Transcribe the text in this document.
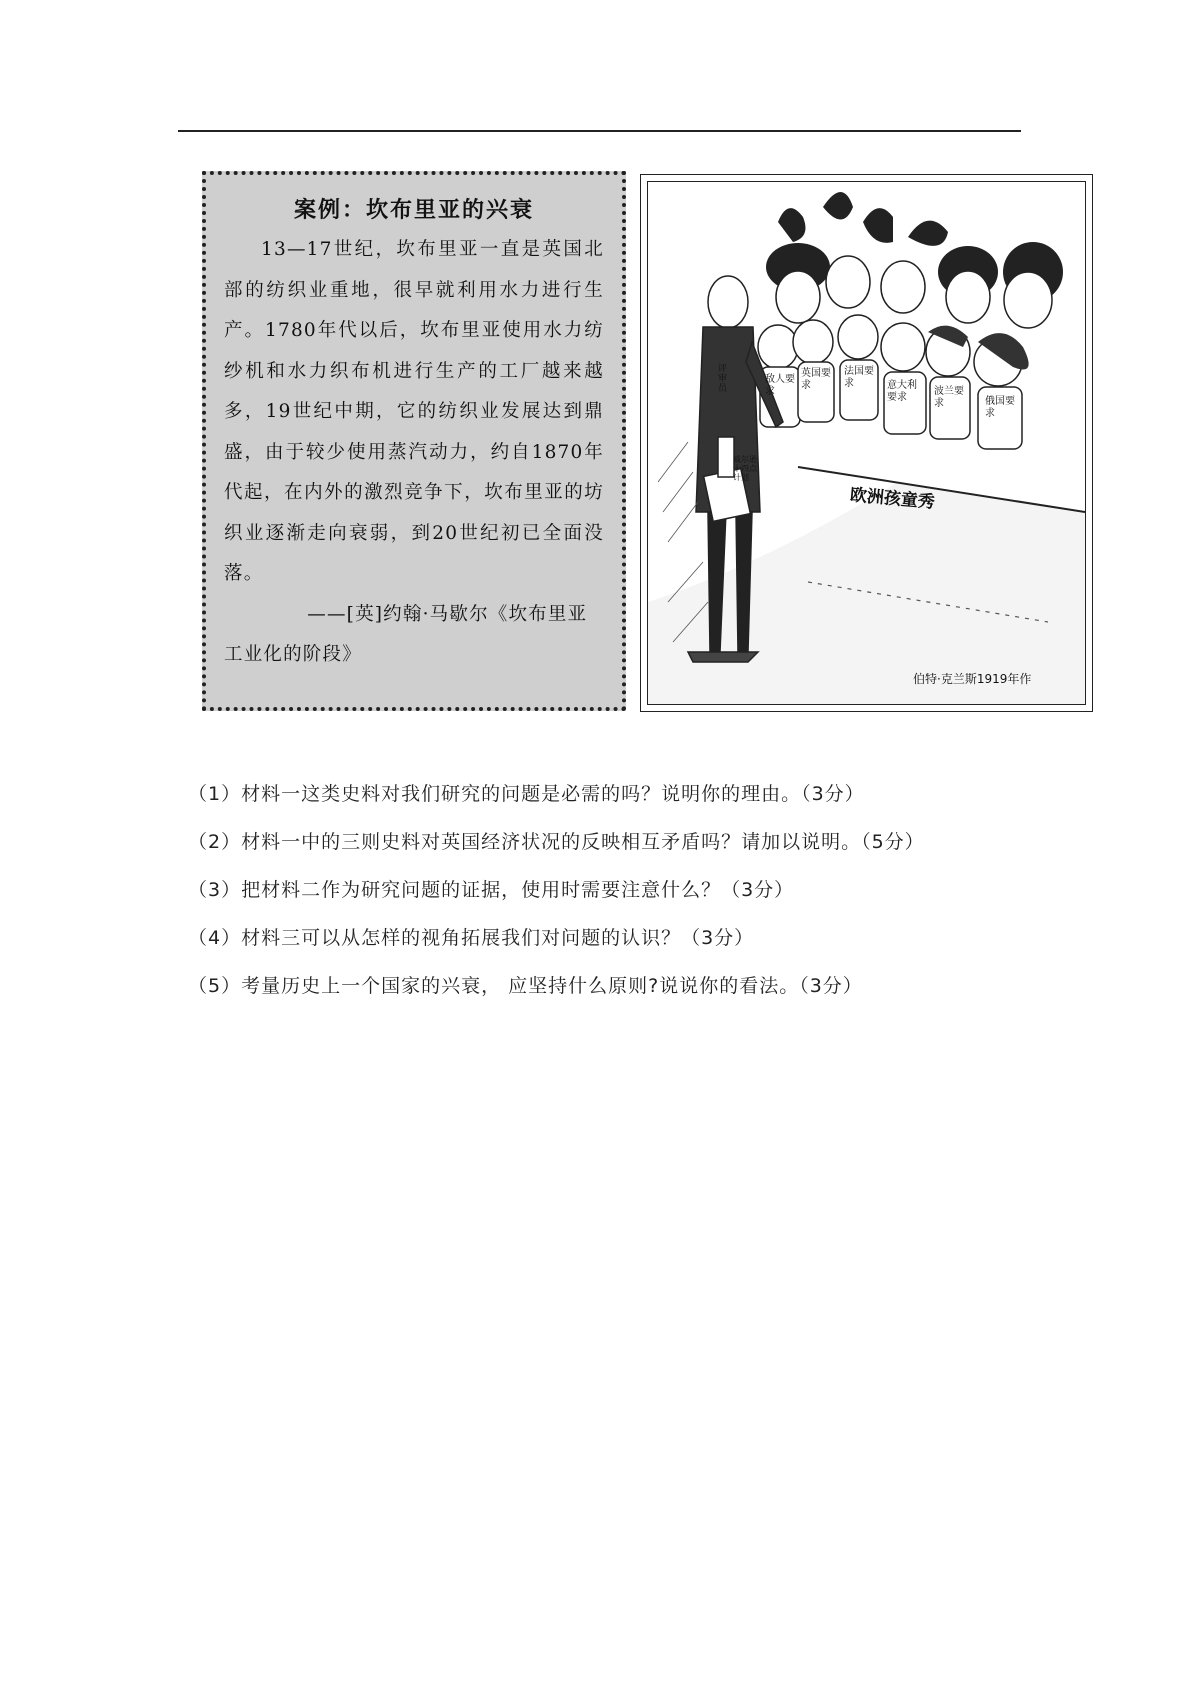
案例：坎布里亚的兴衰

13—17世纪，坎布里亚一直是英国北部的纺织业重地，很早就利用水力进行生产。1780年代以后，坎布里亚使用水力纺纱机和水力织布机进行生产的工厂越来越多，19世纪中期，它的纺织业发展达到鼎盛，由于较少使用蒸汽动力，约自1870年代起，在内外的激烈竞争下，坎布里亚的坊织业逐渐走向衰弱，到20世纪初已全面没落。

——[英]约翰·马歇尔《坎布里亚工业化的阶段》

评审员
威尔逊十四点计划
敌人要求
英国要求
法国要求	意大利要求
波兰要求	俄国要求
欧洲孩童秀
伯特·克兰斯1919年作

（1）材料一这类史料对我们研究的问题是必需的吗？说明你的理由。（3分）

（2）材料一中的三则史料对英国经济状况的反映相互矛盾吗？请加以说明。（5分）

（3）把材料二作为研究问题的证据，使用时需要注意什么？（3分）

（4）材料三可以从怎样的视角拓展我们对问题的认识？（3分）

（5）考量历史上一个国家的兴衰， 应坚持什么原则?说说你的看法。（3分）
